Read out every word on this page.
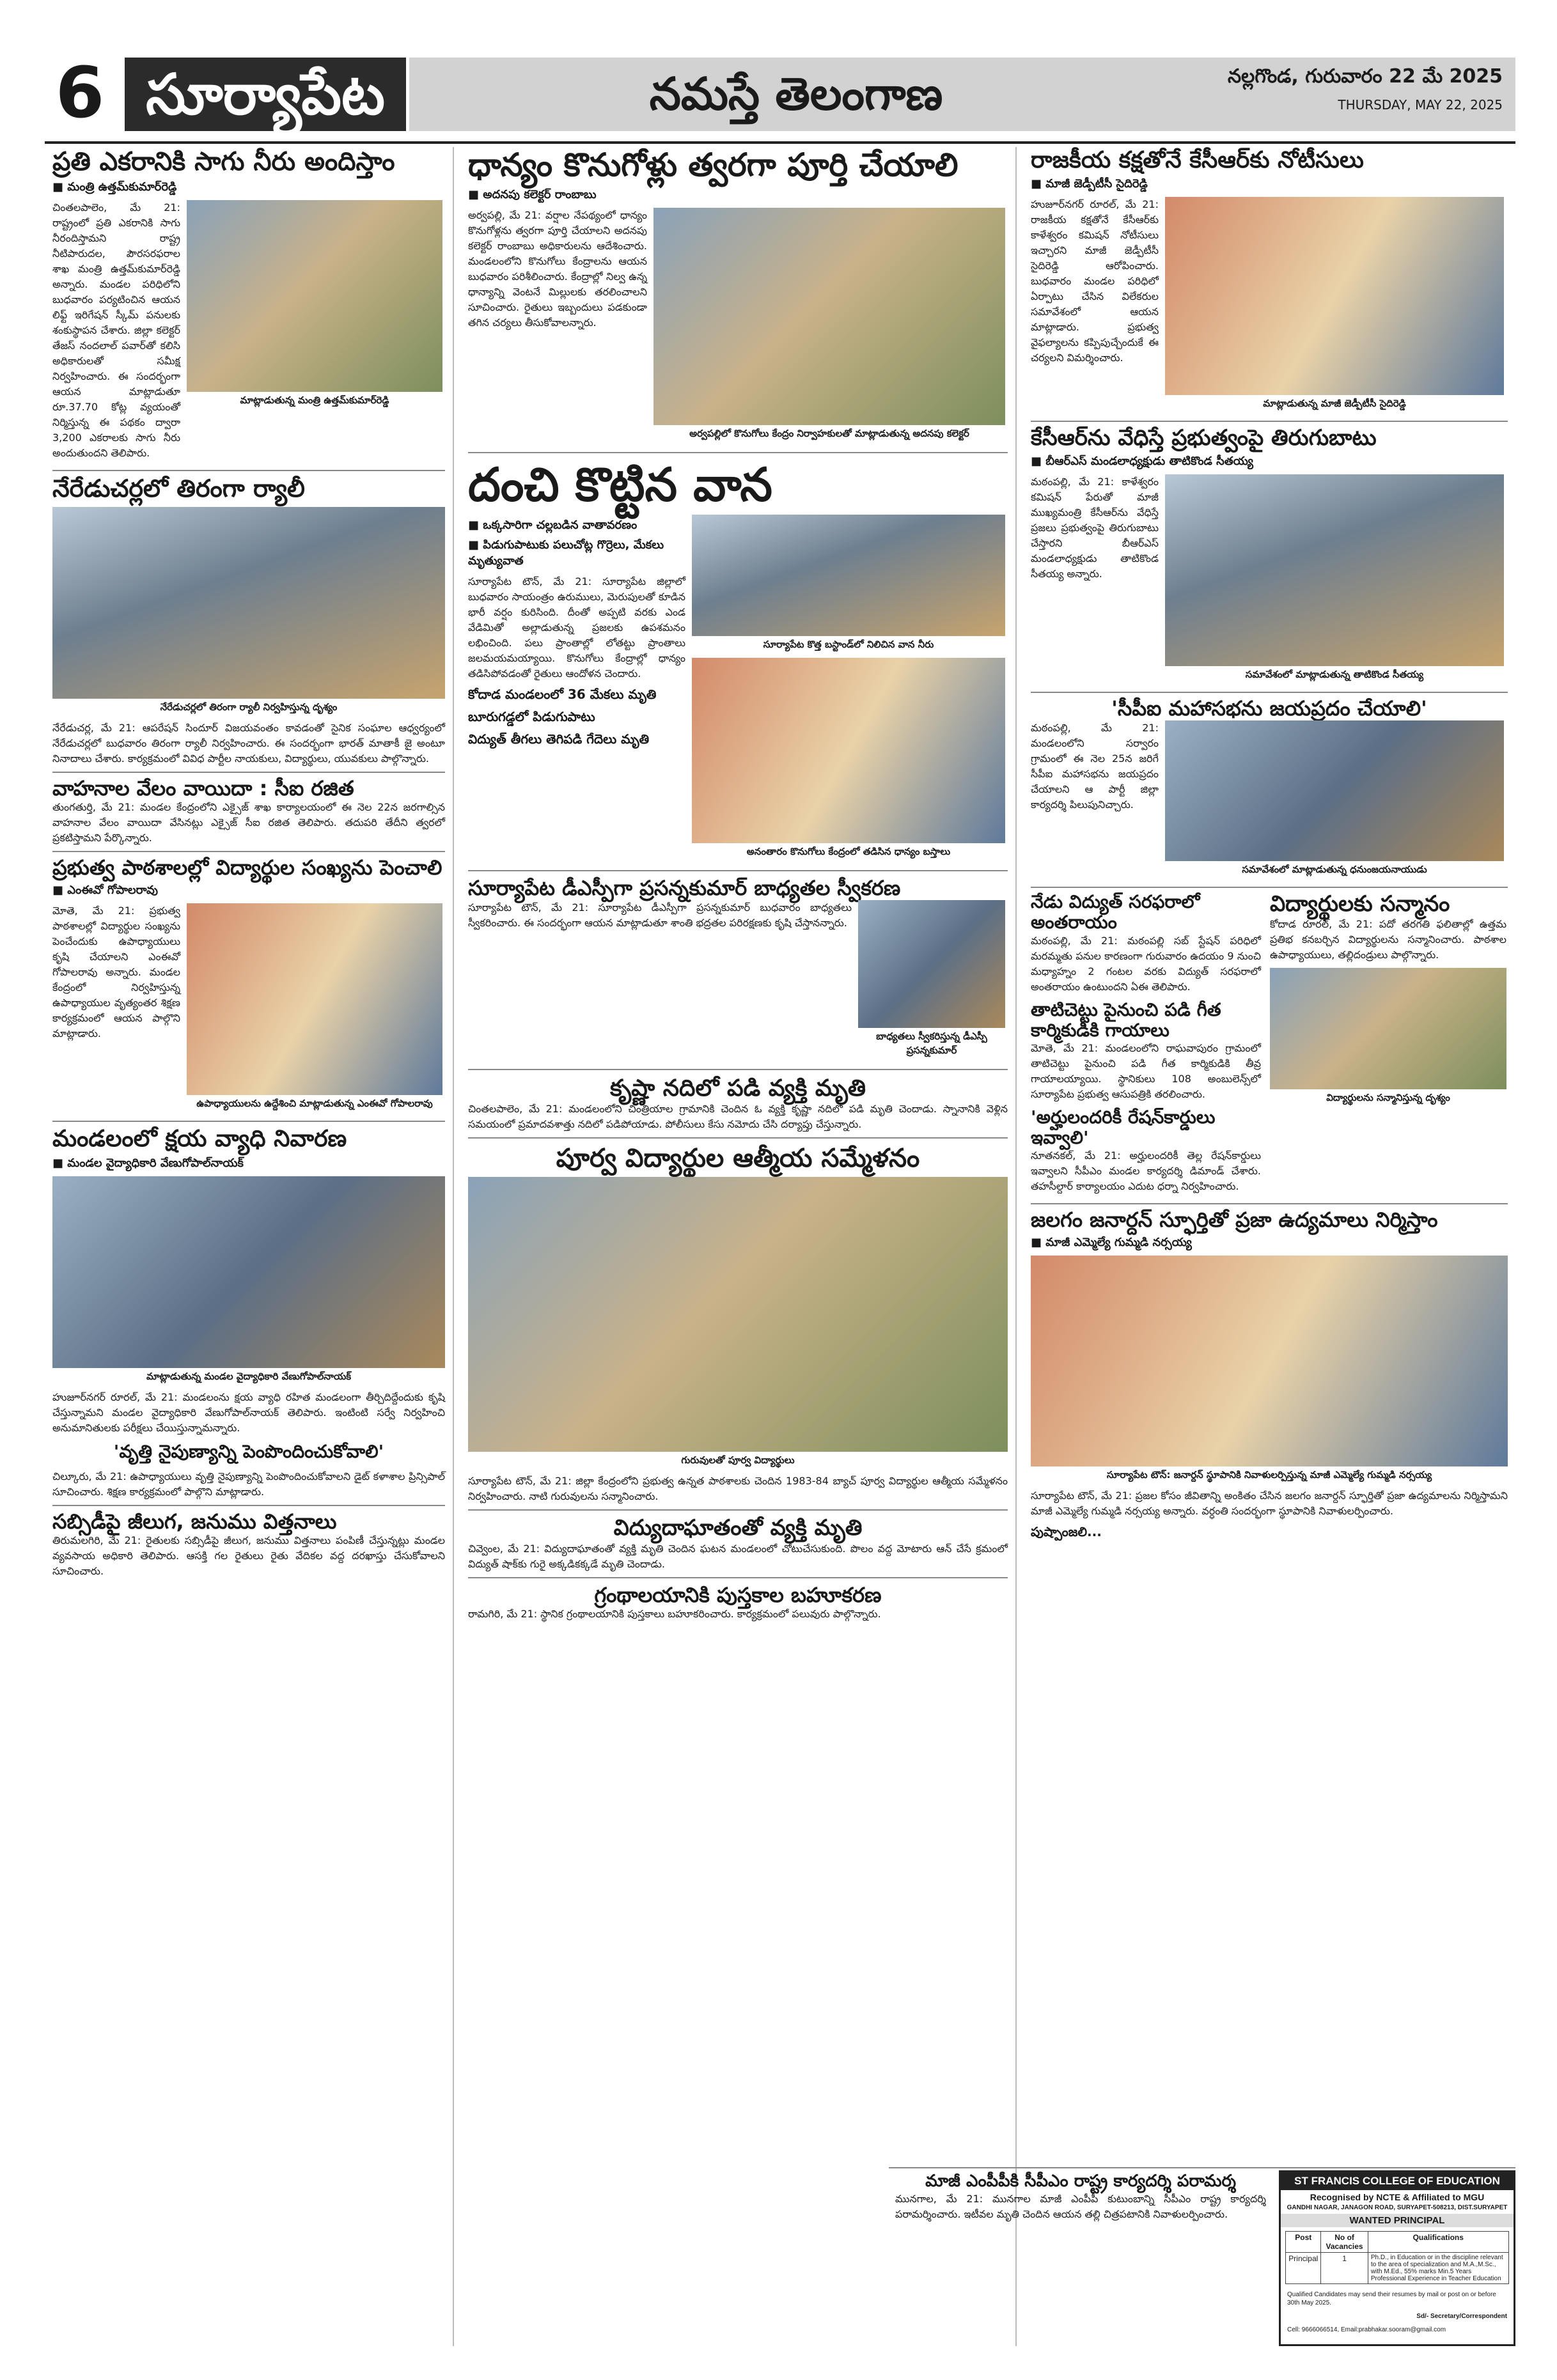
6 సూర్యాపేట	నమస్తే తెలంగాణ	నల్లగొండ, గురువారం 22 మే 2025
THURSDAY, MAY 22, 2025
ప్రతి ఎకరానికి సాగు నీరు అందిస్తాం
■ మంత్రి ఉత్తమ్‌కుమార్‌రెడ్డి

చింతలపాలెం, మే 21: రాష్ట్రంలో ప్రతి ఎకరానికి సాగు నీరందిస్తామని రాష్ట్ర నీటిపారుదల, పౌరసరఫరాల శాఖ మంత్రి ఉత్తమ్‌కుమార్‌రెడ్డి అన్నారు. మండల పరిధిలోని బుధవారం పర్యటించిన ఆయన లిఫ్ట్ ఇరిగేషన్ స్కీమ్ పనులకు శంకుస్థాపన చేశారు. జిల్లా కలెక్టర్ తేజస్ నందలాల్ పవార్‌తో కలిసి అధికారులతో సమీక్ష నిర్వహించారు. ఈ సందర్భంగా ఆయన మాట్లాడుతూ రూ.37.70 కోట్ల వ్యయంతో నిర్మిస్తున్న ఈ పథకం ద్వారా 3,200 ఎకరాలకు సాగు నీరు అందుతుందని తెలిపారు.

మాట్లాడుతున్న మంత్రి ఉత్తమ్‌కుమార్‌రెడ్డి
నేరేడుచర్లలో తిరంగా ర్యాలీ
నేరేడుచర్లలో తిరంగా ర్యాలీ నిర్వహిస్తున్న దృశ్యం

నేరేడుచర్ల, మే 21: ఆపరేషన్ సిందూర్ విజయవంతం కావడంతో సైనిక సంఘాల ఆధ్వర్యంలో నేరేడుచర్లలో బుధవారం తిరంగా ర్యాలీ నిర్వహించారు. ఈ సందర్భంగా భారత్ మాతాకీ జై అంటూ నినాదాలు చేశారు. కార్యక్రమంలో వివిధ పార్టీల నాయకులు, విద్యార్థులు, యువకులు పాల్గొన్నారు.

వాహనాల వేలం వాయిదా : సీఐ రజిత

తుంగతుర్తి, మే 21: మండల కేంద్రంలోని ఎక్సైజ్ శాఖ కార్యాలయంలో ఈ నెల 22న జరగాల్సిన వాహనాల వేలం వాయిదా వేసినట్లు ఎక్సైజ్ సీఐ రజిత తెలిపారు. తదుపరి తేదీని త్వరలో ప్రకటిస్తామని పేర్కొన్నారు.

ప్రభుత్వ పాఠశాలల్లో విద్యార్థుల సంఖ్యను పెంచాలి
■ ఎంఈవో గోపాలరావు

మోతె, మే 21: ప్రభుత్వ పాఠశాలల్లో విద్యార్థుల సంఖ్యను పెంచేందుకు ఉపాధ్యాయులు కృషి చేయాలని ఎంఈవో గోపాలరావు అన్నారు. మండల కేంద్రంలో నిర్వహిస్తున్న ఉపాధ్యాయుల వృత్యంతర శిక్షణ కార్యక్రమంలో ఆయన పాల్గొని మాట్లాడారు.

ఉపాధ్యాయులను ఉద్దేశించి మాట్లాడుతున్న ఎంఈవో గోపాలరావు
మండలంలో క్షయ వ్యాధి నివారణ
■ మండల వైద్యాధికారి వేణుగోపాల్‌నాయక్
మాట్లాడుతున్న మండల వైద్యాధికారి వేణుగోపాల్‌నాయక్

హుజూర్‌నగర్ రూరల్, మే 21: మండలంను క్షయ వ్యాధి రహిత మండలంగా తీర్చిదిద్దేందుకు కృషి చేస్తున్నామని మండల వైద్యాధికారి వేణుగోపాల్‌నాయక్ తెలిపారు. ఇంటింటి సర్వే నిర్వహించి అనుమానితులకు పరీక్షలు చేయిస్తున్నామన్నారు.

'వృత్తి నైపుణ్యాన్ని పెంపొందించుకోవాలి'

చిల్కూరు, మే 21: ఉపాధ్యాయులు వృత్తి నైపుణ్యాన్ని పెంపొందించుకోవాలని డైట్ కళాశాల ప్రిన్సిపాల్ సూచించారు. శిక్షణ కార్యక్రమంలో పాల్గొని మాట్లాడారు.

సబ్సిడీపై జీలుగ, జనుము విత్తనాలు

తిరుమలగిరి, మే 21: రైతులకు సబ్సిడీపై జీలుగ, జనుము విత్తనాలు పంపిణీ చేస్తున్నట్లు మండల వ్యవసాయ అధికారి తెలిపారు. ఆసక్తి గల రైతులు రైతు వేదికల వద్ద దరఖాస్తు చేసుకోవాలని సూచించారు.

ధాన్యం కొనుగోళ్లు త్వరగా పూర్తి చేయాలి
■ అదనపు కలెక్టర్ రాంబాబు

అర్వపల్లి, మే 21: వర్షాల నేపథ్యంలో ధాన్యం కొనుగోళ్లను త్వరగా పూర్తి చేయాలని అదనపు కలెక్టర్ రాంబాబు అధికారులను ఆదేశించారు. మండలంలోని కొనుగోలు కేంద్రాలను ఆయన బుధవారం పరిశీలించారు. కేంద్రాల్లో నిల్వ ఉన్న ధాన్యాన్ని వెంటనే మిల్లులకు తరలించాలని సూచించారు. రైతులు ఇబ్బందులు పడకుండా తగిన చర్యలు తీసుకోవాలన్నారు.

అర్వపల్లిలో కొనుగోలు కేంద్రం నిర్వాహకులతో మాట్లాడుతున్న అదనపు కలెక్టర్
దంచి కొట్టిన వాన
■ ఒక్కసారిగా చల్లబడిన వాతావరణం
■ పిడుగుపాటుకు పలుచోట్ల గొర్రెలు, మేకలు మృత్యువాత

సూర్యాపేట టౌన్, మే 21: సూర్యాపేట జిల్లాలో బుధవారం సాయంత్రం ఉరుములు, మెరుపులతో కూడిన భారీ వర్షం కురిసింది. దీంతో అప్పటి వరకు ఎండ వేడిమితో అల్లాడుతున్న ప్రజలకు ఉపశమనం లభించింది. పలు ప్రాంతాల్లో లోతట్టు ప్రాంతాలు జలమయమయ్యాయి. కొనుగోలు కేంద్రాల్లో ధాన్యం తడిసిపోవడంతో రైతులు ఆందోళన చెందారు.

కోదాడ మండలంలో 36 మేకలు మృతి
బూరుగడ్డలో పిడుగుపాటు
విద్యుత్ తీగలు తెగిపడి గేదెలు మృతి
సూర్యాపేట కొత్త బస్టాండ్‌లో నిలిచిన వాన నీరు
అనంతారం కొనుగోలు కేంద్రంలో తడిసిన ధాన్యం బస్తాలు
సూర్యాపేట డీఎస్పీగా ప్రసన్నకుమార్ బాధ్యతల స్వీకరణ

సూర్యాపేట టౌన్, మే 21: సూర్యాపేట డీఎస్పీగా ప్రసన్నకుమార్ బుధవారం బాధ్యతలు స్వీకరించారు. ఈ సందర్భంగా ఆయన మాట్లాడుతూ శాంతి భద్రతల పరిరక్షణకు కృషి చేస్తానన్నారు.

బాధ్యతలు స్వీకరిస్తున్న డీఎస్పీ ప్రసన్నకుమార్
కృష్ణా నదిలో పడి వ్యక్తి మృతి

చింతలపాలెం, మే 21: మండలంలోని చింత్రియాల గ్రామానికి చెందిన ఓ వ్యక్తి కృష్ణా నదిలో పడి మృతి చెందాడు. స్నానానికి వెళ్లిన సమయంలో ప్రమాదవశాత్తు నదిలో పడిపోయాడు. పోలీసులు కేసు నమోదు చేసి దర్యాప్తు చేస్తున్నారు.

పూర్వ విద్యార్థుల ఆత్మీయ సమ్మేళనం
గురువులతో పూర్వ విద్యార్థులు

సూర్యాపేట టౌన్, మే 21: జిల్లా కేంద్రంలోని ప్రభుత్వ ఉన్నత పాఠశాలకు చెందిన 1983-84 బ్యాచ్ పూర్వ విద్యార్థుల ఆత్మీయ సమ్మేళనం నిర్వహించారు. నాటి గురువులను సన్మానించారు.

విద్యుదాఘాతంతో వ్యక్తి మృతి

చివ్వెంల, మే 21: విద్యుదాఘాతంతో వ్యక్తి మృతి చెందిన ఘటన మండలంలో చోటుచేసుకుంది. పొలం వద్ద మోటారు ఆన్ చేసే క్రమంలో విద్యుత్ షాక్‌కు గురై అక్కడికక్కడే మృతి చెందాడు.

గ్రంథాలయానికి పుస్తకాల బహూకరణ

రామగిరి, మే 21: స్థానిక గ్రంథాలయానికి పుస్తకాలు బహూకరించారు. కార్యక్రమంలో పలువురు పాల్గొన్నారు.

రాజకీయ కక్షతోనే కేసీఆర్‌కు నోటీసులు
■ మాజీ జెడ్పీటీసీ సైదిరెడ్డి

హుజూర్‌నగర్ రూరల్, మే 21: రాజకీయ కక్షతోనే కేసీఆర్‌కు కాళేశ్వరం కమిషన్ నోటీసులు ఇచ్చారని మాజీ జెడ్పీటీసీ సైదిరెడ్డి ఆరోపించారు. బుధవారం మండల పరిధిలో ఏర్పాటు చేసిన విలేకరుల సమావేశంలో ఆయన మాట్లాడారు. ప్రభుత్వ వైఫల్యాలను కప్పిపుచ్చేందుకే ఈ చర్యలని విమర్శించారు.

మాట్లాడుతున్న మాజీ జెడ్పీటీసీ సైదిరెడ్డి
కేసీఆర్‌ను వేధిస్తే ప్రభుత్వంపై తిరుగుబాటు
■ బీఆర్ఎస్ మండలాధ్యక్షుడు తాటికొండ సీతయ్య

మఠంపల్లి, మే 21: కాళేశ్వరం కమిషన్ పేరుతో మాజీ ముఖ్యమంత్రి కేసీఆర్‌ను వేధిస్తే ప్రజలు ప్రభుత్వంపై తిరుగుబాటు చేస్తారని బీఆర్ఎస్ మండలాధ్యక్షుడు తాటికొండ సీతయ్య అన్నారు.

సమావేశంలో మాట్లాడుతున్న తాటికొండ సీతయ్య
'సీపీఐ మహాసభను జయప్రదం చేయాలి'

మఠంపల్లి, మే 21: మండలంలోని సర్వారం గ్రామంలో ఈ నెల 25న జరిగే సీపీఐ మహాసభను జయప్రదం చేయాలని ఆ పార్టీ జిల్లా కార్యదర్శి పిలుపునిచ్చారు.

సమావేశంలో మాట్లాడుతున్న ధనుంజయనాయుడు
నేడు విద్యుత్ సరఫరాలో అంతరాయం

మఠంపల్లి, మే 21: మఠంపల్లి సబ్ స్టేషన్ పరిధిలో మరమ్మతు పనుల కారణంగా గురువారం ఉదయం 9 నుంచి మధ్యాహ్నం 2 గంటల వరకు విద్యుత్ సరఫరాలో అంతరాయం ఉంటుందని ఏఈ తెలిపారు.

తాటిచెట్టు పైనుంచి పడి గీత కార్మికుడికి గాయాలు

మోతె, మే 21: మండలంలోని రాఘవాపురం గ్రామంలో తాటిచెట్టు పైనుంచి పడి గీత కార్మికుడికి తీవ్ర గాయాలయ్యాయి. స్థానికులు 108 అంబులెన్స్‌లో సూర్యాపేట ప్రభుత్వ ఆసుపత్రికి తరలించారు.

'అర్హులందరికీ రేషన్‌కార్డులు ఇవ్వాలి'

నూతనకల్, మే 21: అర్హులందరికీ తెల్ల రేషన్‌కార్డులు ఇవ్వాలని సీపీఎం మండల కార్యదర్శి డిమాండ్ చేశారు. తహసీల్దార్ కార్యాలయం ఎదుట ధర్నా నిర్వహించారు.

విద్యార్థులకు సన్మానం

కోదాడ రూరల్, మే 21: పదో తరగతి ఫలితాల్లో ఉత్తమ ప్రతిభ కనబర్చిన విద్యార్థులను సన్మానించారు. పాఠశాల ఉపాధ్యాయులు, తల్లిదండ్రులు పాల్గొన్నారు.

విద్యార్థులను సన్మానిస్తున్న దృశ్యం
జలగం జనార్దన్ స్ఫూర్తితో ప్రజా ఉద్యమాలు నిర్మిస్తాం
■ మాజీ ఎమ్మెల్యే గుమ్మడి నర్సయ్య
సూర్యాపేట టౌన్: జనార్దన్ స్థూపానికి నివాళులర్పిస్తున్న మాజీ ఎమ్మెల్యే గుమ్మడి నర్సయ్య

సూర్యాపేట టౌన్, మే 21: ప్రజల కోసం జీవితాన్ని అంకితం చేసిన జలగం జనార్దన్ స్ఫూర్తితో ప్రజా ఉద్యమాలను నిర్మిస్తామని మాజీ ఎమ్మెల్యే గుమ్మడి నర్సయ్య అన్నారు. వర్ధంతి సందర్భంగా స్థూపానికి నివాళులర్పించారు.

పుష్పాంజలి...
మాజీ ఎంపీపీకి సీపీఎం రాష్ట్ర కార్యదర్శి పరామర్శ

మునగాల, మే 21: మునగాల మాజీ ఎంపీపీ కుటుంబాన్ని సీపీఎం రాష్ట్ర కార్యదర్శి పరామర్శించారు. ఇటీవల మృతి చెందిన ఆయన తల్లి చిత్రపటానికి నివాళులర్పించారు.

ST FRANCIS COLLEGE OF EDUCATION
Recognised by NCTE & Affiliated to MGU
GANDHI NAGAR, JANAGON ROAD, SURYAPET-508213, DIST.SURYAPET
WANTED PRINCIPAL
Post	No of Vacancies	Qualifications
Principal	1	Ph.D., in Education or in the discipline relevant to the area of specialization and M.A.,M.Sc., with M.Ed., 55% marks Min.5 Years Professional Experience in Teacher Education
Qualified Candidates may send their resumes by mail or post on or before 30th May 2025.
Sd/- Secretary/Correspondent
Cell: 9666066514, Email:prabhakar.sooram@gmail.com
